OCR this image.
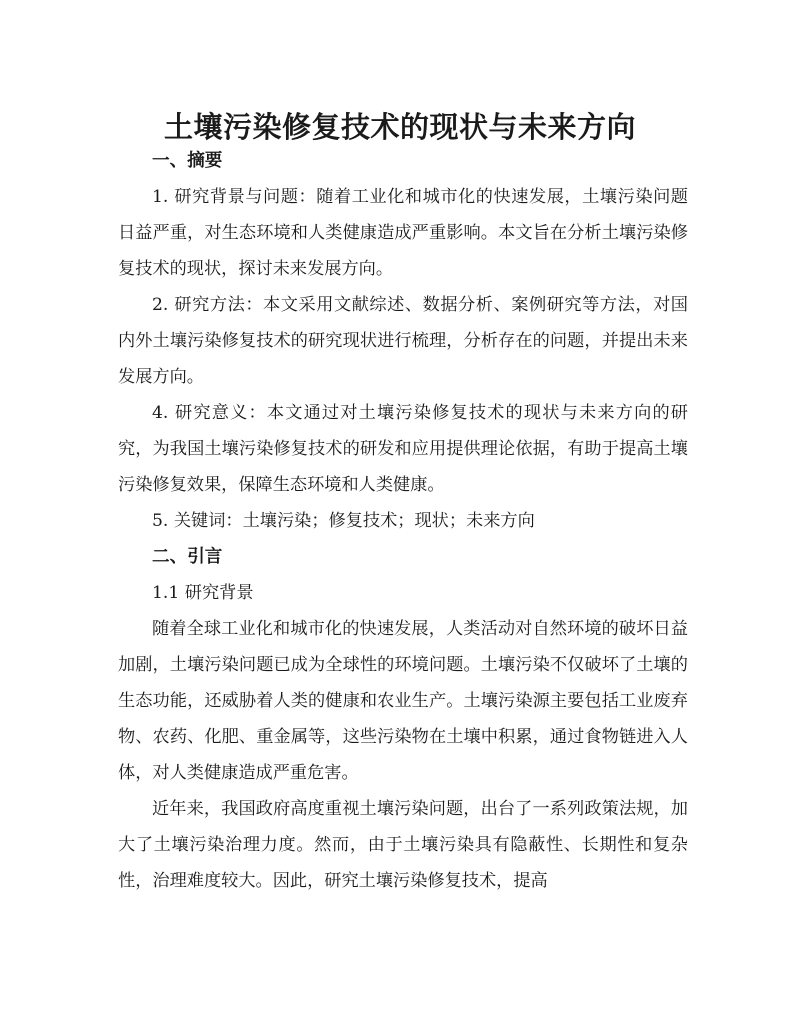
土壤污染修复技术的现状与未来方向
一、摘要

1. 研究背景与问题：随着工业化和城市化的快速发展，土壤污染问题日益严重，对生态环境和人类健康造成严重影响。本文旨在分析土壤污染修复技术的现状，探讨未来发展方向。

2. 研究方法：本文采用文献综述、数据分析、案例研究等方法，对国内外土壤污染修复技术的研究现状进行梳理，分析存在的问题，并提出未来发展方向。

4. 研究意义：本文通过对土壤污染修复技术的现状与未来方向的研究，为我国土壤污染修复技术的研发和应用提供理论依据，有助于提高土壤污染修复效果，保障生态环境和人类健康。

5. 关键词：土壤污染；修复技术；现状；未来方向

二、引言

1.1 研究背景

随着全球工业化和城市化的快速发展，人类活动对自然环境的破坏日益加剧，土壤污染问题已成为全球性的环境问题。土壤污染不仅破坏了土壤的生态功能，还威胁着人类的健康和农业生产。土壤污染源主要包括工业废弃物、农药、化肥、重金属等，这些污染物在土壤中积累，通过食物链进入人体，对人类健康造成严重危害。

近年来，我国政府高度重视土壤污染问题，出台了一系列政策法规，加大了土壤污染治理力度。然而，由于土壤污染具有隐蔽性、长期性和复杂性，治理难度较大。因此，研究土壤污染修复技术，提高
